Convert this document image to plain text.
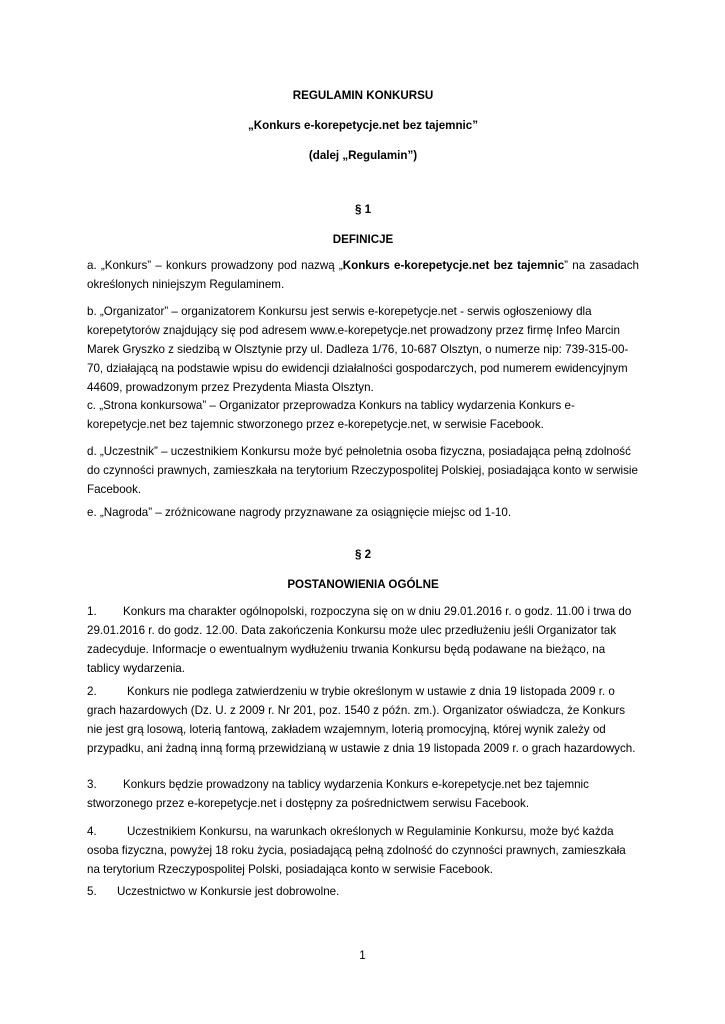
REGULAMIN KONKURSU
„Konkurs e-korepetycje.net bez tajemnic”
(dalej „Regulamin”)
§ 1
DEFINICJE

a. „Konkurs” – konkurs prowadzony pod nazwą „Konkurs e-korepetycje.net bez tajemnic” na zasadach określonych niniejszym Regulaminem.

b. „Organizator” – organizatorem Konkursu jest serwis e-korepetycje.net - serwis ogłoszeniowy dla korepetytorów znajdujący się pod adresem www.e-korepetycje.net prowadzony przez firmę Infeo Marcin Marek Gryszko z siedzibą w Olsztynie przy ul. Dadleza 1/76, 10-687 Olsztyn, o numerze nip: 739-315-00-70, działającą na podstawie wpisu do ewidencji działalności gospodarczych, pod numerem ewidencyjnym 44609, prowadzonym przez Prezydenta Miasta Olsztyn.

c. „Strona konkursowa” – Organizator przeprowadza Konkurs na tablicy wydarzenia Konkurs e-korepetycje.net bez tajemnic stworzonego przez e-korepetycje.net, w serwisie Facebook.

d. „Uczestnik” – uczestnikiem Konkursu może być pełnoletnia osoba fizyczna, posiadająca pełną zdolność do czynności prawnych, zamieszkała na terytorium Rzeczypospolitej Polskiej, posiadająca konto w serwisie Facebook.

e. „Nagroda” – zróżnicowane nagrody przyznawane za osiągnięcie miejsc od 1-10.

§ 2
POSTANOWIENIA OGÓLNE

1. Konkurs ma charakter ogólnopolski, rozpoczyna się on w dniu 29.01.2016 r. o godz. 11.00 i trwa do 29.01.2016 r. do godz. 12.00. Data zakończenia Konkursu może ulec przedłużeniu jeśli Organizator tak zadecyduje. Informacje o ewentualnym wydłużeniu trwania Konkursu będą podawane na bieżąco, na tablicy wydarzenia.

2.	Konkurs nie podlega zatwierdzeniu w trybie określonym w ustawie z dnia 19 listopada 2009 r. o grach hazardowych (Dz. U. z 2009 r. Nr 201, poz. 1540 z późn. zm.). Organizator oświadcza, że Konkurs nie jest grą losową, loterią fantową, zakładem wzajemnym, loterią promocyjną, której wynik zależy od przypadku, ani żadną inną formą przewidzianą w ustawie z dnia 19 listopada 2009 r. o grach hazardowych.

3. Konkurs będzie prowadzony na tablicy wydarzenia Konkurs e-korepetycje.net bez tajemnic stworzonego przez e-korepetycje.net i dostępny za pośrednictwem serwisu Facebook.

4.	Uczestnikiem Konkursu, na warunkach określonych w Regulaminie Konkursu, może być każda osoba fizyczna, powyżej 18 roku życia, posiadającą pełną zdolność do czynności prawnych, zamieszkała na terytorium Rzeczypospolitej Polski, posiadająca konto w serwisie Facebook.

5. Uczestnictwo w Konkursie jest dobrowolne.

1
